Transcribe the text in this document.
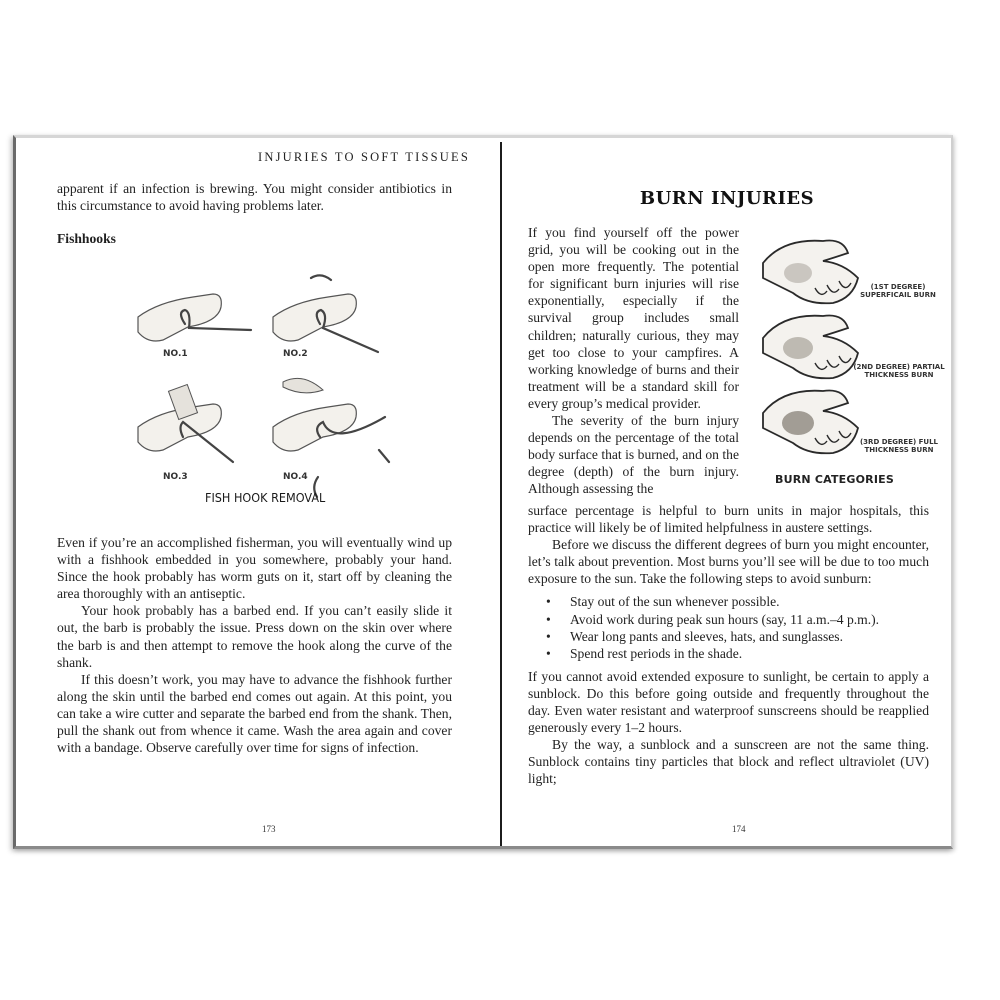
INJURIES TO SOFT TISSUES

apparent if an infection is brewing. You might consider antibiotics in this circumstance to avoid having problems later.

Fishhooks
NO.1	NO.2
NO.3	NO.4
FISH HOOK REMOVAL

Even if you’re an accomplished fisherman, you will eventually wind up with a fishhook embedded in you somewhere, probably your hand. Since the hook probably has worm guts on it, start off by cleaning the area thoroughly with an antiseptic.

Your hook probably has a barbed end. If you can’t easily slide it out, the barb is probably the issue. Press down on the skin over where the barb is and then attempt to remove the hook along the curve of the shank.

If this doesn’t work, you may have to advance the fishhook further along the skin until the barbed end comes out again. At this point, you can take a wire cutter and separate the barbed end from the shank. Then, pull the shank out from whence it came. Wash the area again and cover with a bandage. Observe carefully over time for signs of infection.

173
BURN INJURIES

If you find yourself off the power grid, you will be cooking out in the open more frequently. The potential for significant burn injuries will rise exponentially, especially if the survival group includes small children; naturally curious, they may get too close to your campfires. A working knowledge of burns and their treatment will be a standard skill for every group’s medical provider.

The severity of the burn injury depends on the percentage of the total body surface that is burned, and on the degree (depth) of the burn injury. Although assessing the

(1ST DEGREE)
SUPERFICAIL BURN
(2ND DEGREE) PARTIAL
THICKNESS BURN
(3RD DEGREE) FULL
THICKNESS BURN
BURN CATEGORIES

surface percentage is helpful to burn units in major hospitals, this practice will likely be of limited helpfulness in austere settings.

Before we discuss the different degrees of burn you might encounter, let’s talk about prevention. Most burns you’ll see will be due to too much exposure to the sun. Take the following steps to avoid sunburn:

• Stay out of the sun whenever possible.
• Avoid work during peak sun hours (say, 11 a.m.–4 p.m.).
• Wear long pants and sleeves, hats, and sunglasses.
• Spend rest periods in the shade.

If you cannot avoid extended exposure to sunlight, be certain to apply a sunblock. Do this before going outside and frequently throughout the day. Even water resistant and waterproof sunscreens should be reapplied generously every 1–2 hours.

By the way, a sunblock and a sunscreen are not the same thing. Sunblock contains tiny particles that block and reflect ultraviolet (UV) light;

174
